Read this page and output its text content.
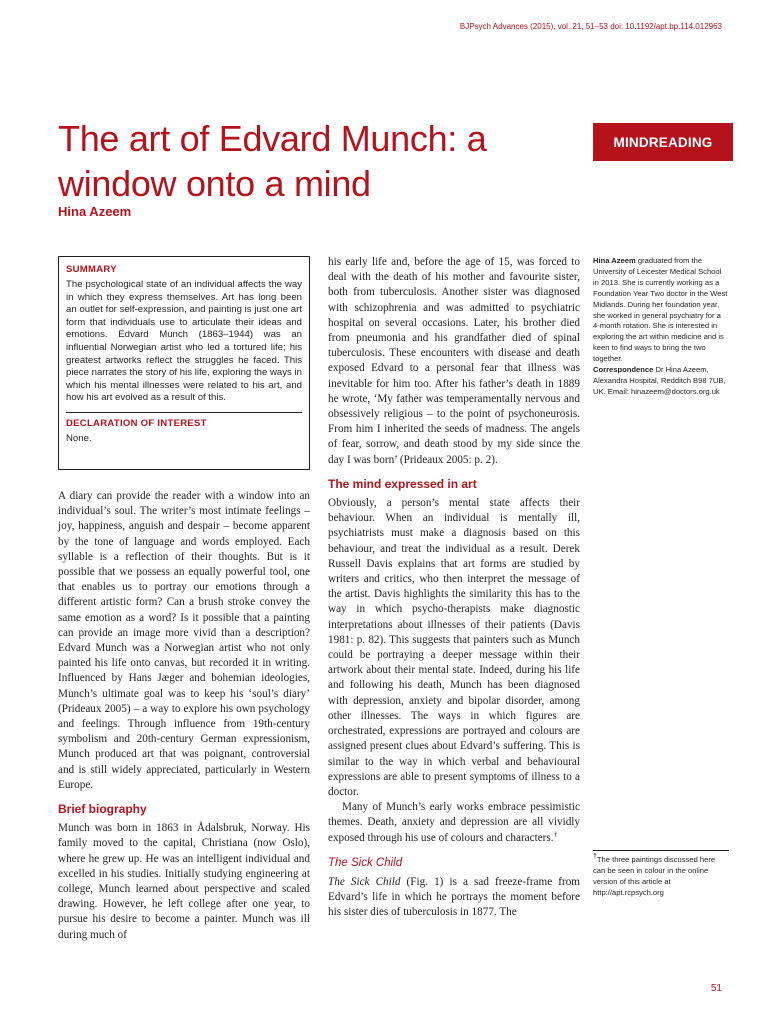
BJPsych Advances (2015), vol. 21, 51–53 doi: 10.1192/apt.bp.114.012963
The art of Edvard Munch: a window onto a mind
MINDREADING
Hina Azeem
SUMMARY

The psychological state of an individual affects the way in which they express themselves. Art has long been an outlet for self-expression, and painting is just one art form that individuals use to articulate their ideas and emotions. Edvard Munch (1863–1944) was an influential Norwegian artist who led a tortured life; his greatest artworks reflect the struggles he faced. This piece narrates the story of his life, exploring the ways in which his mental illnesses were related to his art, and how his art evolved as a result of this.

DECLARATION OF INTEREST

None.

A diary can provide the reader with a window into an individual’s soul. The writer’s most intimate feelings – joy, happiness, anguish and despair – become apparent by the tone of language and words employed. Each syllable is a reflection of their thoughts. But is it possible that we possess an equally powerful tool, one that enables us to portray our emotions through a different artistic form? Can a brush stroke convey the same emotion as a word? Is it possible that a painting can provide an image more vivid than a description? Edvard Munch was a Norwegian artist who not only painted his life onto canvas, but recorded it in writing. Influenced by Hans Jæger and bohemian ideologies, Munch’s ultimate goal was to keep his ‘soul’s diary’ (Prideaux 2005) – a way to explore his own psychology and feelings. Through influence from 19th-century symbolism and 20th-century German expressionism, Munch produced art that was poignant, controversial and is still widely appreciated, particularly in Western Europe.

Brief biography

Munch was born in 1863 in Ådalsbruk, Norway. His family moved to the capital, Christiana (now Oslo), where he grew up. He was an intelligent individual and excelled in his studies. Initially studying engineering at college, Munch learned about perspective and scaled drawing. However, he left college after one year, to pursue his desire to become a painter. Munch was ill during much of

his early life and, before the age of 15, was forced to deal with the death of his mother and favourite sister, both from tuberculosis. Another sister was diagnosed with schizophrenia and was admitted to psychiatric hospital on several occasions. Later, his brother died from pneumonia and his grandfather died of spinal tuberculosis. These encounters with disease and death exposed Edvard to a personal fear that illness was inevitable for him too. After his father’s death in 1889 he wrote, ‘My father was temperamentally nervous and obsessively religious – to the point of psychoneurosis. From him I inherited the seeds of madness. The angels of fear, sorrow, and death stood by my side since the day I was born’ (Prideaux 2005: p. 2).

The mind expressed in art

Obviously, a person’s mental state affects their behaviour. When an individual is mentally ill, psychiatrists must make a diagnosis based on this behaviour, and treat the individual as a result. Derek Russell Davis explains that art forms are studied by writers and critics, who then interpret the message of the artist. Davis highlights the similarity this has to the way in which psycho-therapists make diagnostic interpretations about illnesses of their patients (Davis 1981: p. 82). This suggests that painters such as Munch could be portraying a deeper message within their artwork about their mental state. Indeed, during his life and following his death, Munch has been diagnosed with depression, anxiety and bipolar disorder, among other illnesses. The ways in which figures are orchestrated, expressions are portrayed and colours are assigned present clues about Edvard’s suffering. This is similar to the way in which verbal and behavioural expressions are able to present symptoms of illness to a doctor.

Many of Munch’s early works embrace pessimistic themes. Death, anxiety and depression are all vividly exposed through his use of colours and characters.†

The Sick Child

The Sick Child (Fig. 1) is a sad freeze-frame from Edvard’s life in which he portrays the moment before his sister dies of tuberculosis in 1877. The

Hina Azeem graduated from the University of Leicester Medical School in 2013. She is currently working as a Foundation Year Two doctor in the West Midlands. During her foundation year, she worked in general psychiatry for a 4-month rotation. She is interested in exploring the art within medicine and is keen to find ways to bring the two together.

Correspondence Dr Hina Azeem, Alexandra Hospital, Redditch B98 7UB, UK. Email: hinazeem@doctors.org.uk

†The three paintings discussed here can be seen in colour in the online version of this article at http://apt.rcpsych.org

51
